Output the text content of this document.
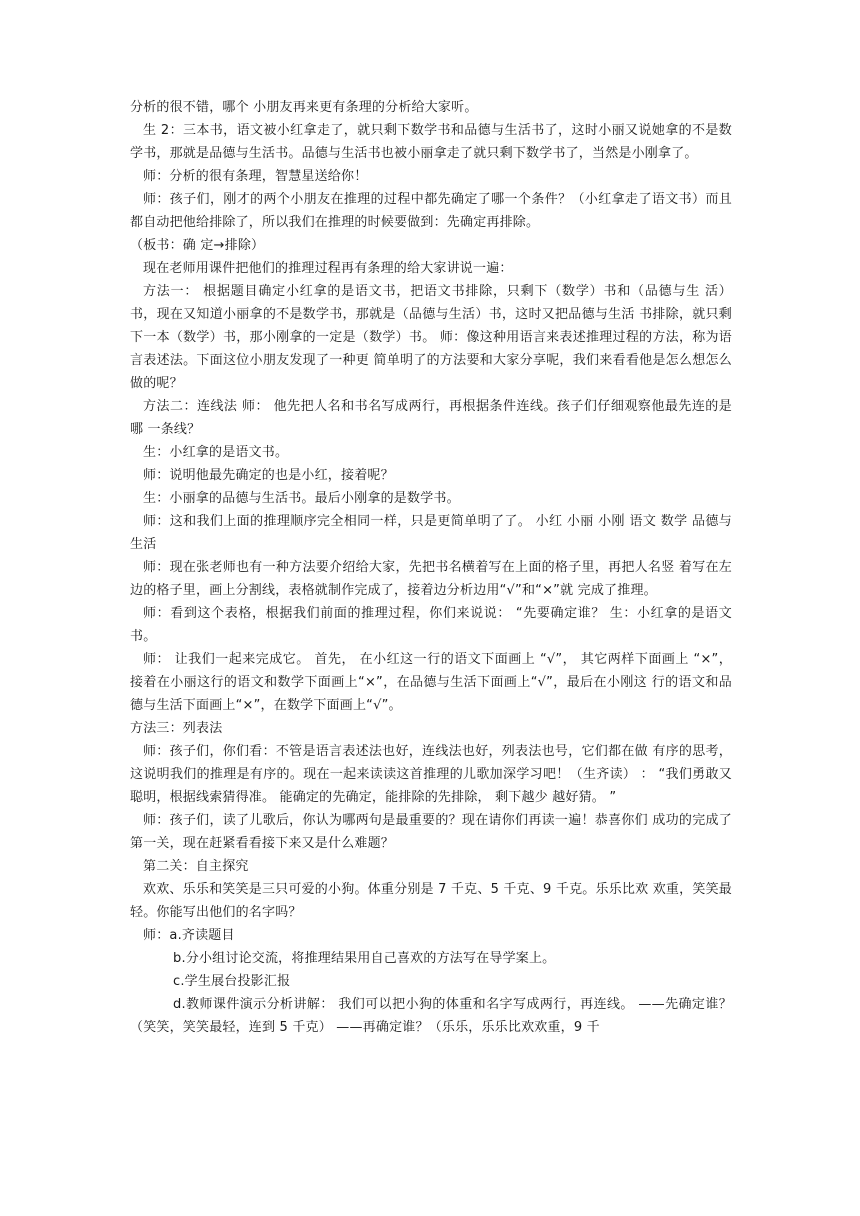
分析的很不错，哪个 小朋友再来更有条理的分析给大家听。

生 2：三本书，语文被小红拿走了，就只剩下数学书和品德与生活书了，这时小丽又说她拿的不是数学书，那就是品德与生活书。品德与生活书也被小丽拿走了就只剩下数学书了，当然是小刚拿了。

师：分析的很有条理，智慧星送给你！

师：孩子们，刚才的两个小朋友在推理的过程中都先确定了哪一个条件？（小红拿走了语文书）而且都自动把他给排除了，所以我们在推理的时候要做到：先确定再排除。

（板书：确 定→排除）

现在老师用课件把他们的推理过程再有条理的给大家讲说一遍：

方法一： 根据题目确定小红拿的是语文书，把语文书排除，只剩下（数学）书和（品德与生 活）书，现在又知道小丽拿的不是数学书，那就是（品德与生活）书，这时又把品德与生活 书排除，就只剩下一本（数学）书，那小刚拿的一定是（数学）书。 师：像这种用语言来表述推理过程的方法，称为语言表述法。下面这位小朋友发现了一种更 简单明了的方法要和大家分享呢，我们来看看他是怎么想怎么做的呢？

方法二：连线法 师： 他先把人名和书名写成两行，再根据条件连线。孩子们仔细观察他最先连的是哪 一条线？

生：小红拿的是语文书。

师：说明他最先确定的也是小红，接着呢？

生：小丽拿的品德与生活书。最后小刚拿的是数学书。

师：这和我们上面的推理顺序完全相同一样，只是更简单明了了。 小红 小丽 小刚 语文 数学 品德与生活

师：现在张老师也有一种方法要介绍给大家，先把书名横着写在上面的格子里，再把人名竖 着写在左边的格子里，画上分割线，表格就制作完成了，接着边分析边用“√”和“×”就 完成了推理。

师：看到这个表格，根据我们前面的推理过程，你们来说说： “先要确定谁？ 生：小红拿的是语文书。

师： 让我们一起来完成它。 首先， 在小红这一行的语文下面画上 “√”， 其它两样下面画上 “×”， 接着在小丽这行的语文和数学下面画上“×”，在品德与生活下面画上“√”，最后在小刚这 行的语文和品德与生活下面画上“×”，在数学下面画上“√”。

方法三：列表法

师：孩子们，你们看：不管是语言表述法也好，连线法也好，列表法也号，它们都在做 有序的思考，这说明我们的推理是有序的。现在一起来读读这首推理的儿歌加深学习吧！（生齐读） ： “我们勇敢又聪明，根据线索猜得准。 能确定的先确定，能排除的先排除， 剩下越少 越好猜。 ”

师：孩子们，读了儿歌后，你认为哪两句是最重要的？现在请你们再读一遍！恭喜你们 成功的完成了第一关，现在赶紧看看接下来又是什么难题？

第二关：自主探究

欢欢、乐乐和笑笑是三只可爱的小狗。体重分别是 7 千克、5 千克、9 千克。乐乐比欢 欢重，笑笑最轻。你能写出他们的名字吗？

师：a.齐读题目

b.分小组讨论交流，将推理结果用自己喜欢的方法写在导学案上。

c.学生展台投影汇报

d.教师课件演示分析讲解： 我们可以把小狗的体重和名字写成两行，再连线。 ——先确定谁？（笑笑，笑笑最轻，连到 5 千克） ——再确定谁？（乐乐，乐乐比欢欢重，9 千
